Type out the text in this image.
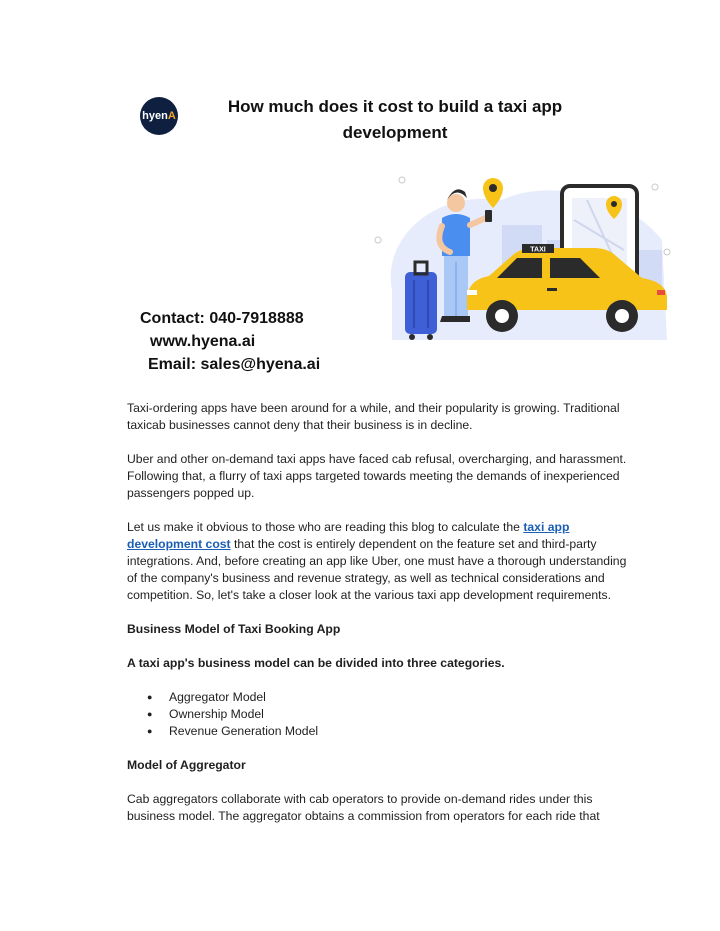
hyenA	How much does it cost to build a taxi app development
TAXI
Contact: 040-7918888
www.hyena.ai
Email: sales@hyena.ai

Taxi-ordering apps have been around for a while, and their popularity is growing. Traditional taxicab businesses cannot deny that their business is in decline.

Uber and other on-demand taxi apps have faced cab refusal, overcharging, and harassment. Following that, a flurry of taxi apps targeted towards meeting the demands of inexperienced passengers popped up.

Let us make it obvious to those who are reading this blog to calculate the taxi app development cost that the cost is entirely dependent on the feature set and third-party integrations. And, before creating an app like Uber, one must have a thorough understanding of the company's business and revenue strategy, as well as technical considerations and competition. So, let's take a closer look at the various taxi app development requirements.

Business Model of Taxi Booking App

A taxi app's business model can be divided into three categories.

● Aggregator Model
● Ownership Model
● Revenue Generation Model

Model of Aggregator

Cab aggregators collaborate with cab operators to provide on-demand rides under this business model. The aggregator obtains a commission from operators for each ride that
